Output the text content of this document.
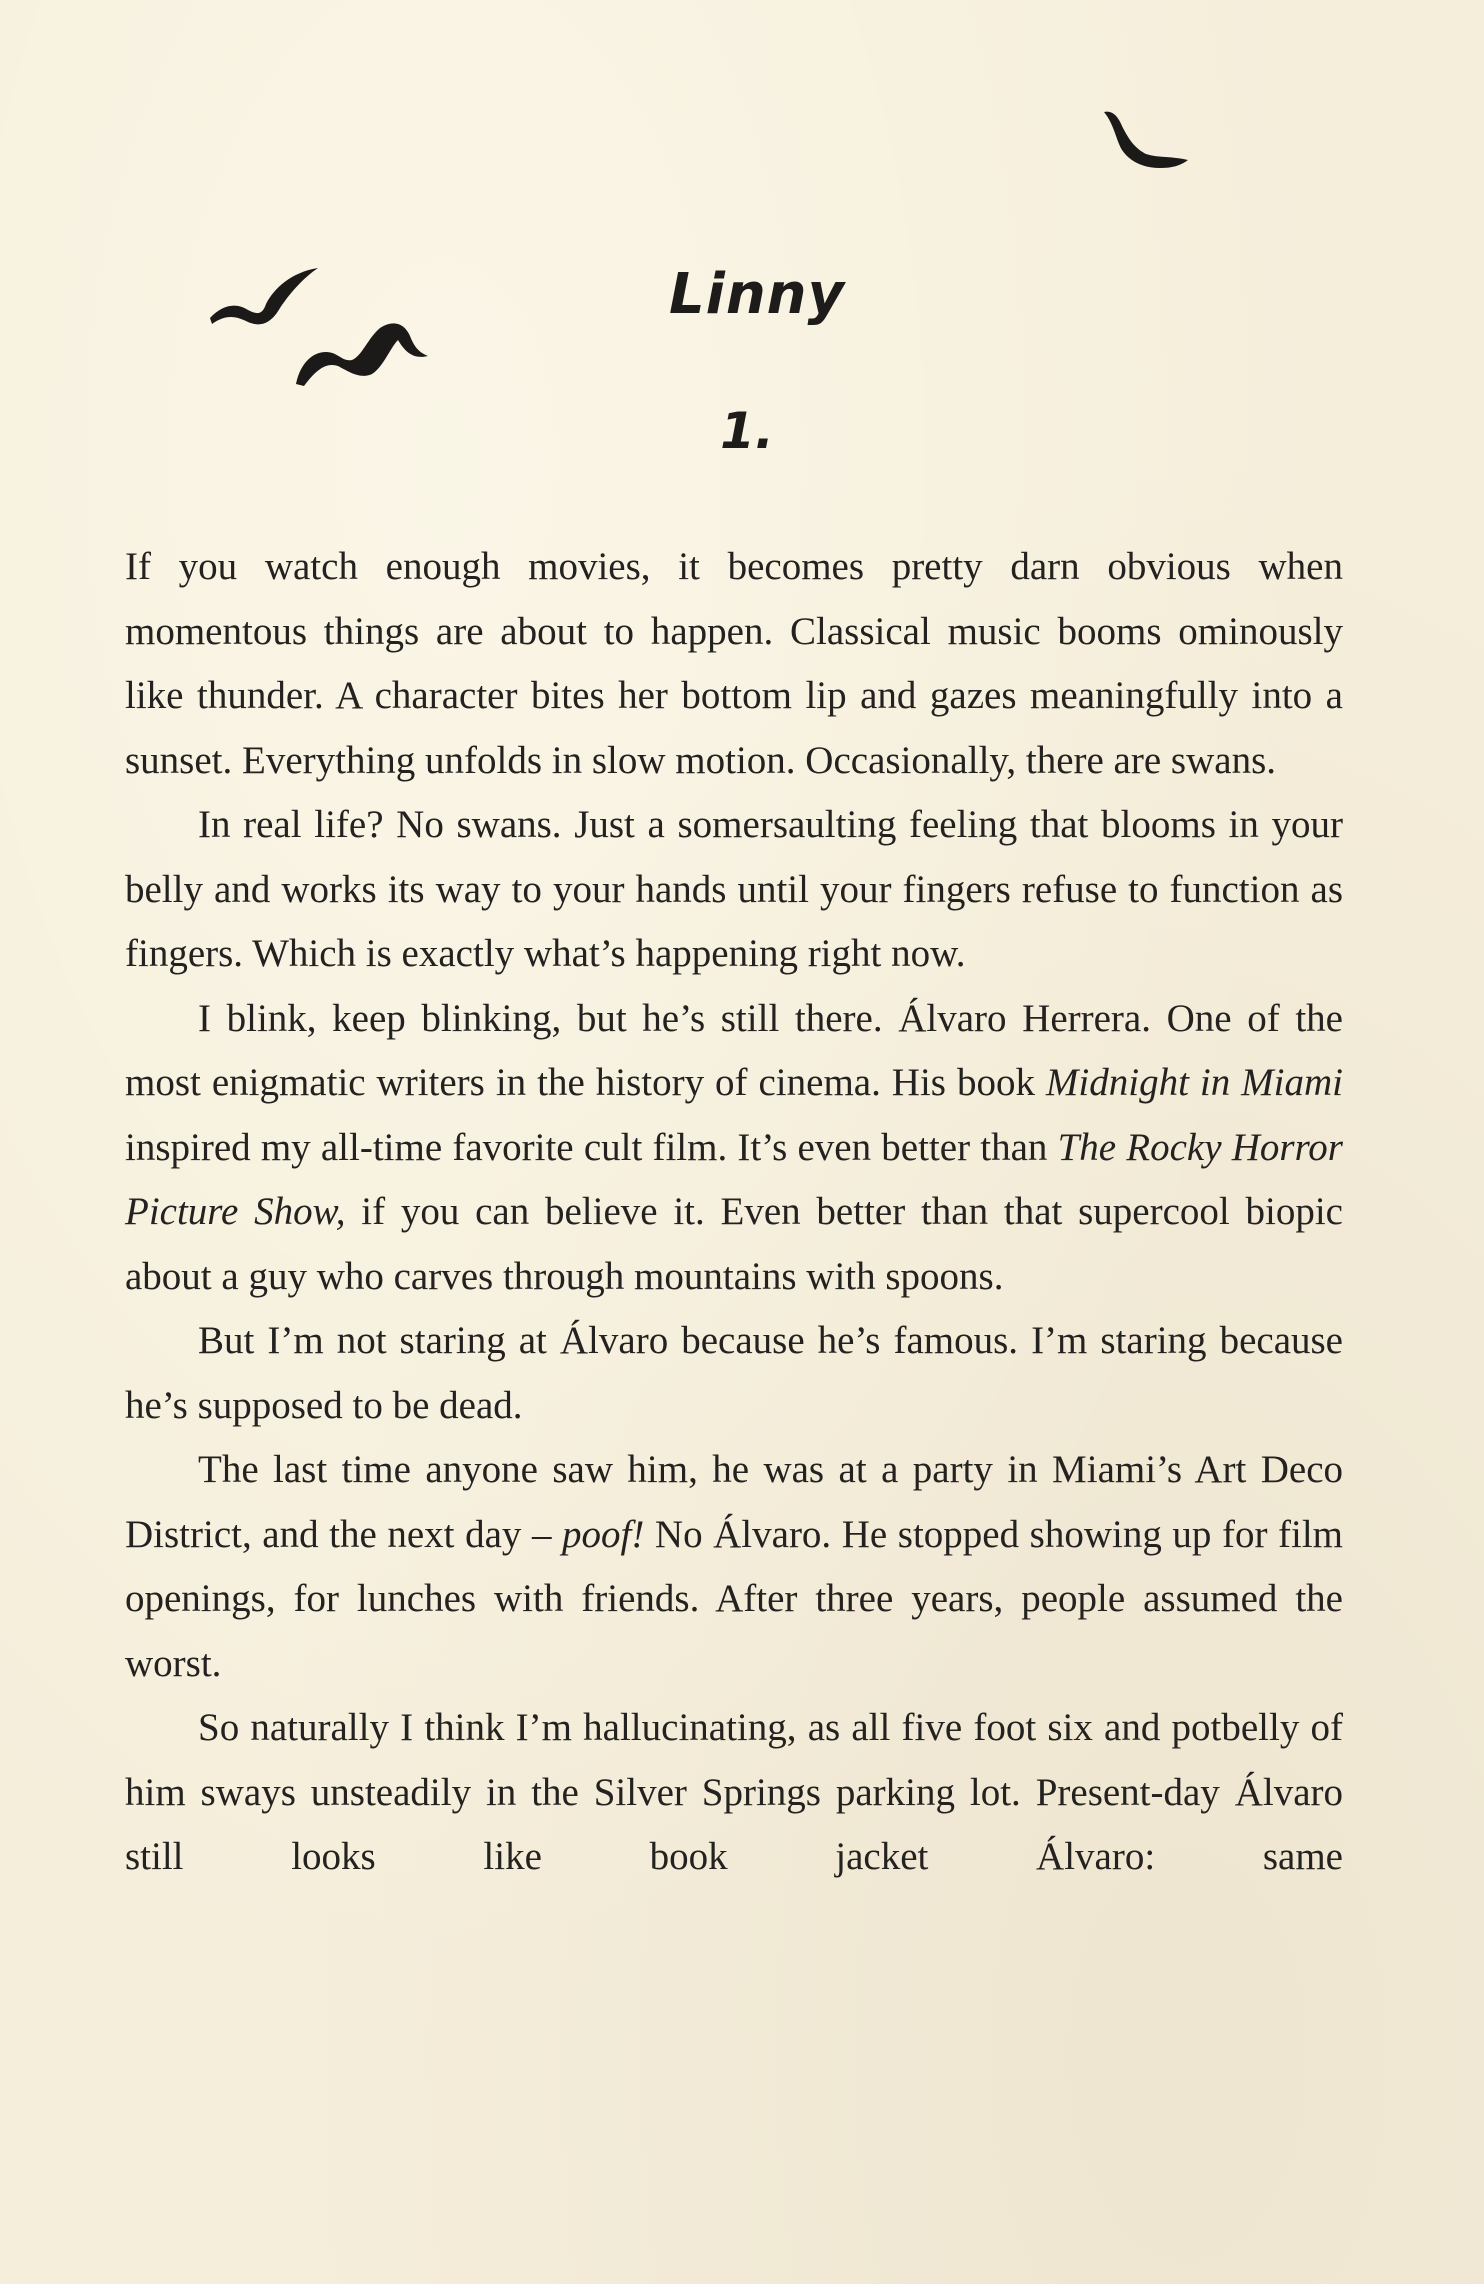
Linny
1.

If you watch enough movies, it becomes pretty darn obvious when momentous things are about to happen. Classical music booms ominously like thunder. A character bites her bottom lip and gazes meaningfully into a sunset. Everything unfolds in slow motion. Occasionally, there are swans.

In real life? No swans. Just a somersaulting feeling that blooms in your belly and works its way to your hands until your fingers refuse to function as fingers. Which is exactly what’s happening right now.

I blink, keep blinking, but he’s still there. Álvaro Herrera. One of the most enigmatic writers in the history of cinema. His book Midnight in Miami inspired my all-time favorite cult film. It’s even better than The Rocky Horror Picture Show, if you can believe it. Even better than that supercool biopic about a guy who carves through mountains with spoons.

But I’m not staring at Álvaro because he’s famous. I’m staring because he’s supposed to be dead.

The last time anyone saw him, he was at a party in Miami’s Art Deco District, and the next day – poof! No Álvaro. He stopped showing up for film openings, for lunches with friends. After three years, people assumed the worst.

So naturally I think I’m hallucinating, as all five foot six and potbelly of him sways unsteadily in the Silver Springs parking lot. Present-day Álvaro still looks like book jacket Álvaro: same
